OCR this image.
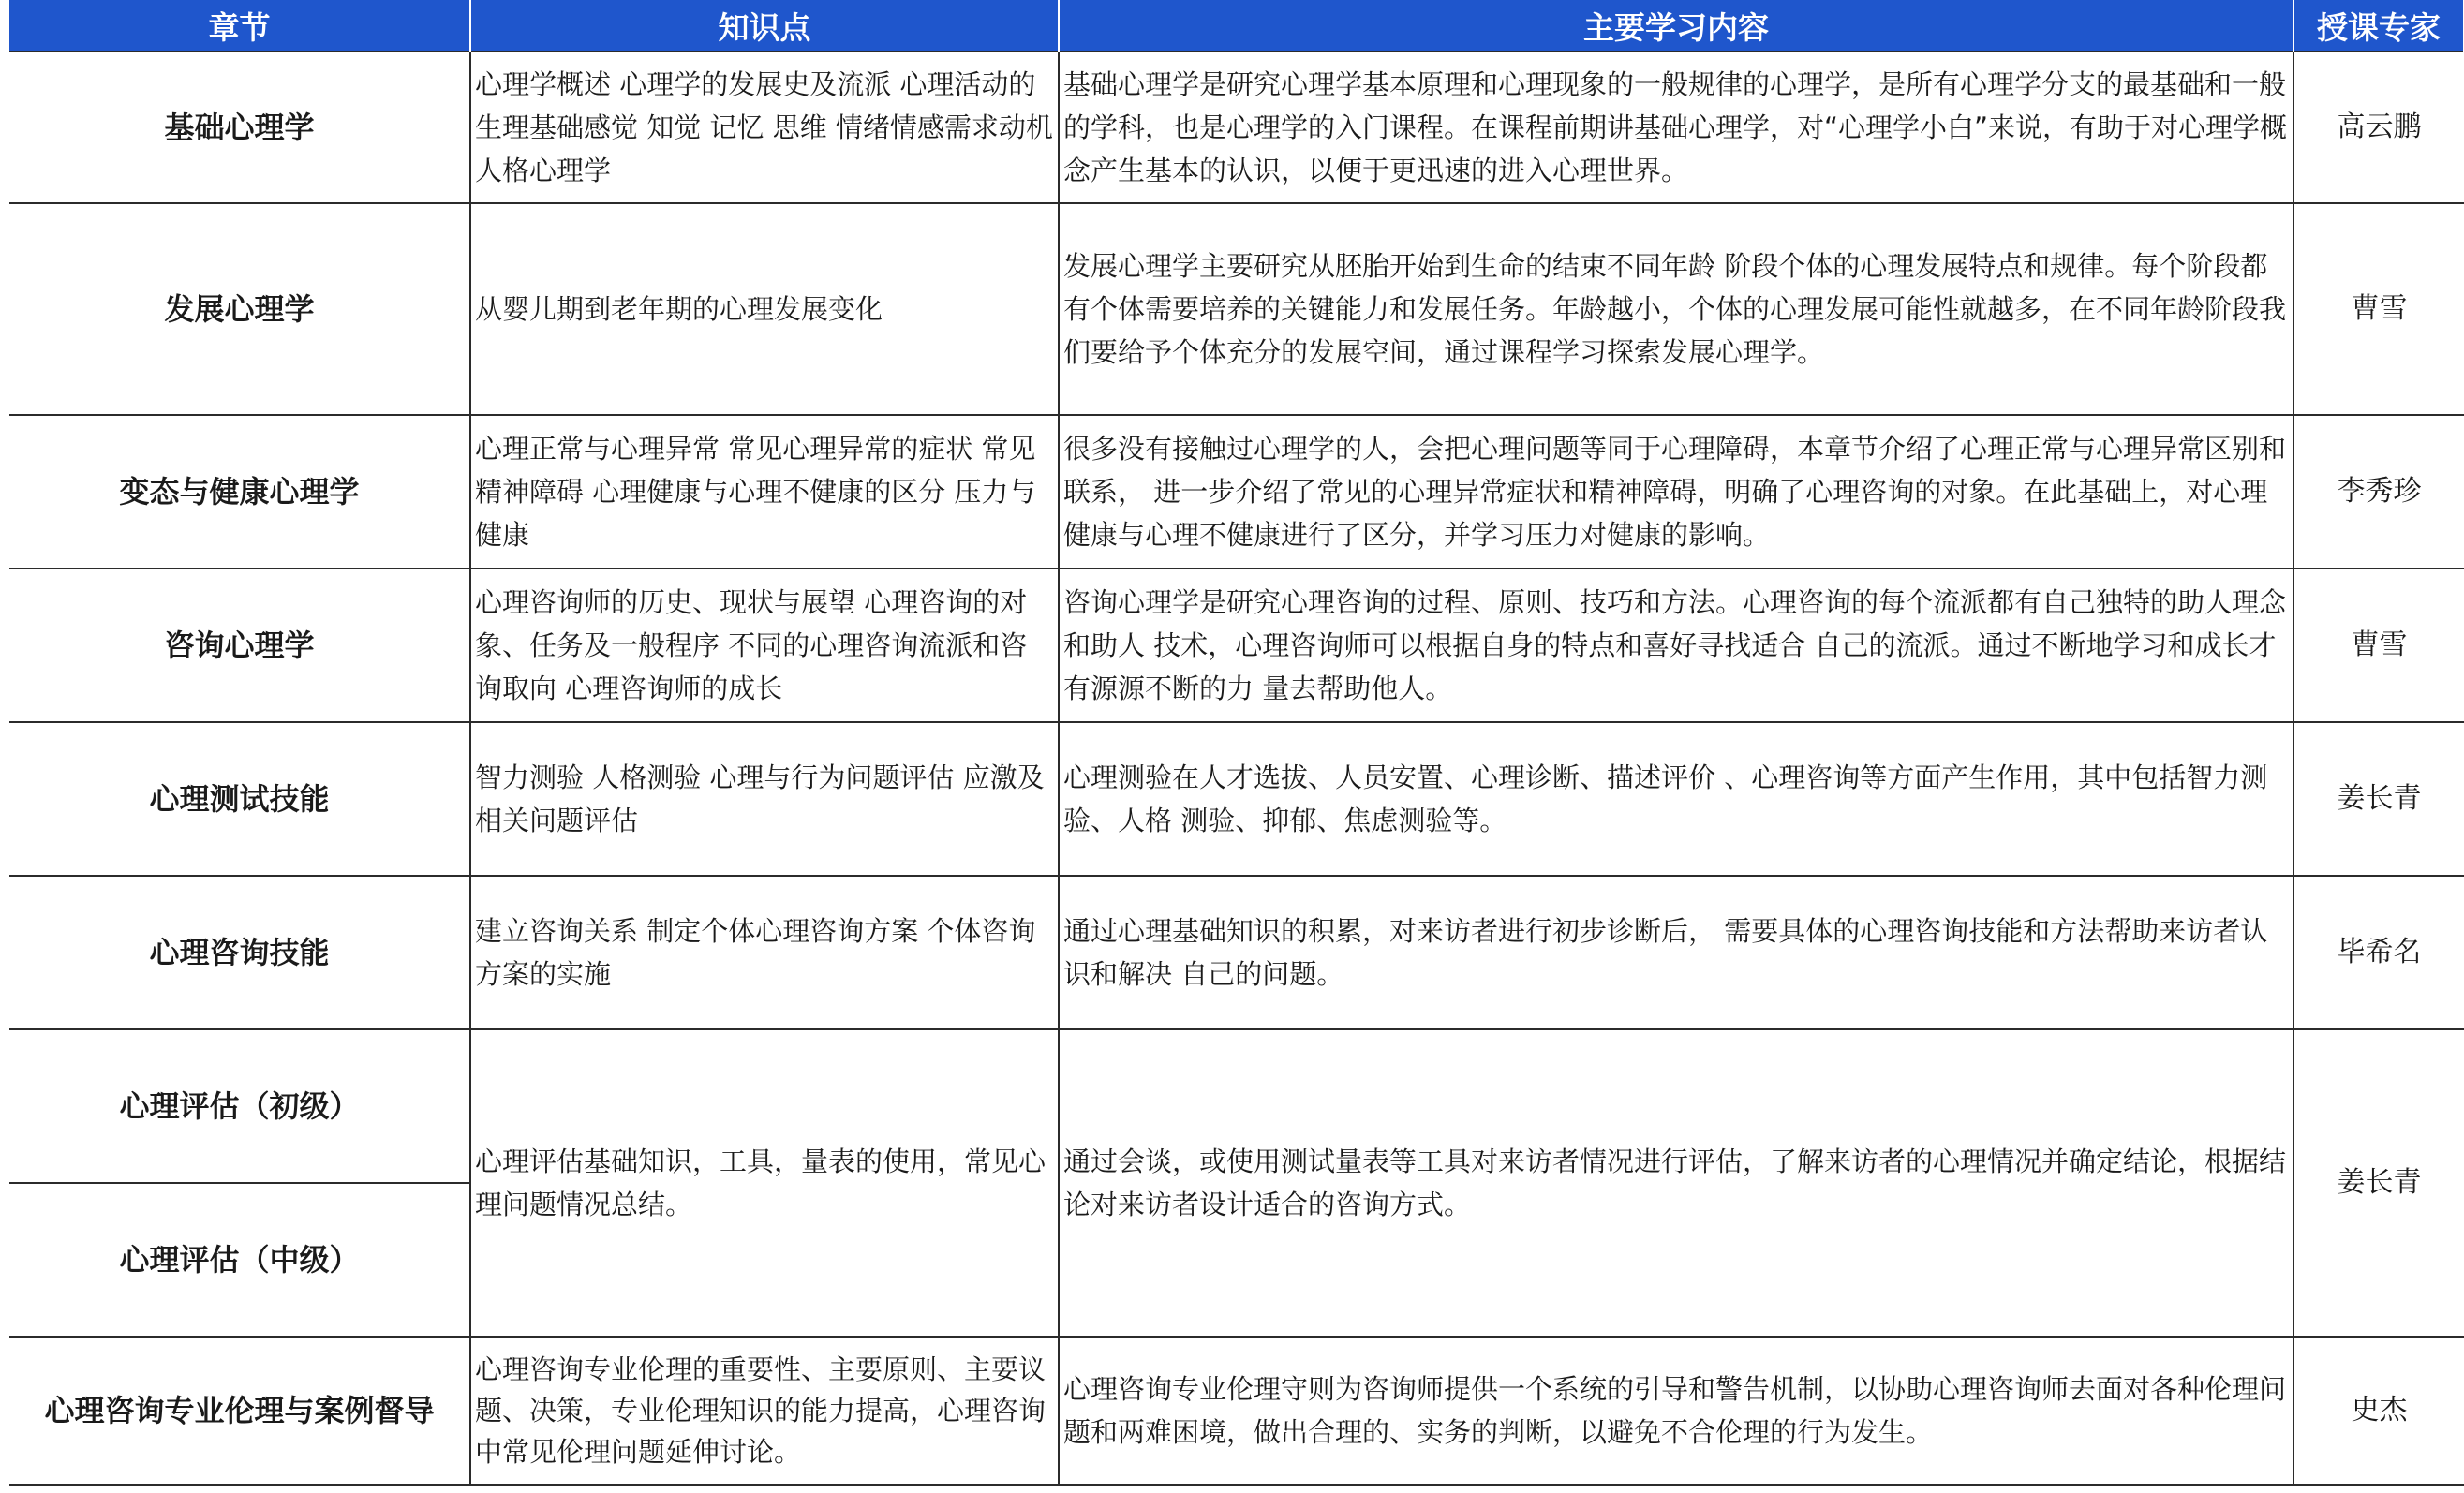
章节	知识点	主要学习内容	授课专家
基础心理学	心理学概述 心理学的发展史及流派 心理活动的生理基础感觉 知觉 记忆 思维 情绪情感需求动机 人格心理学	基础心理学是研究心理学基本原理和心理现象的一般规律的心理学，是所有心理学分支的最基础和一般的学科，也是心理学的入门课程。在课程前期讲基础心理学，对“心理学小白”来说，有助于对心理学概念产生基本的认识，以便于更迅速的进入心理世界。	高云鹏
发展心理学	从婴儿期到老年期的心理发展变化	发展心理学主要研究从胚胎开始到生命的结束不同年龄 阶段个体的心理发展特点和规律。每个阶段都有个体需要培养的关键能力和发展任务。年龄越小，个体的心理发展可能性就越多，在不同年龄阶段我们要给予个体充分的发展空间，通过课程学习探索发展心理学。	曹雪
变态与健康心理学	心理正常与心理异常 常见心理异常的症状 常见精神障碍 心理健康与心理不健康的区分 压力与健康	很多没有接触过心理学的人，会把心理问题等同于心理障碍，本章节介绍了心理正常与心理异常区别和联系， 进一步介绍了常见的心理异常症状和精神障碍，明确了心理咨询的对象。在此基础上，对心理健康与心理不健康进行了区分，并学习压力对健康的影响。	李秀珍
咨询心理学	心理咨询师的历史、现状与展望 心理咨询的对象、任务及一般程序 不同的心理咨询流派和咨询取向 心理咨询师的成长	咨询心理学是研究心理咨询的过程、原则、技巧和方法。心理咨询的每个流派都有自己独特的助人理念和助人 技术，心理咨询师可以根据自身的特点和喜好寻找适合 自己的流派。通过不断地学习和成长才有源源不断的力 量去帮助他人。	曹雪
心理测试技能	智力测验 人格测验 心理与行为问题评估 应激及相关问题评估	心理测验在人才选拔、人员安置、心理诊断、描述评价 、心理咨询等方面产生作用，其中包括智力测验、人格 测验、抑郁、焦虑测验等。	姜长青
心理咨询技能	建立咨询关系 制定个体心理咨询方案 个体咨询方案的实施	通过心理基础知识的积累，对来访者进行初步诊断后， 需要具体的心理咨询技能和方法帮助来访者认识和解决 自己的问题。	毕希名
心理评估（初级）	心理评估基础知识，工具，量表的使用，常见心理问题情况总结。	通过会谈，或使用测试量表等工具对来访者情况进行评估，了解来访者的心理情况并确定结论，根据结论对来访者设计适合的咨询方式。	姜长青
心理评估（中级）			
心理咨询专业伦理与案例督导	心理咨询专业伦理的重要性、主要原则、主要议题、决策，专业伦理知识的能力提高，心理咨询中常见伦理问题延伸讨论。	心理咨询专业伦理守则为咨询师提供一个系统的引导和警告机制，以协助心理咨询师去面对各种伦理问题和两难困境，做出合理的、实务的判断，以避免不合伦理的行为发生。	史杰
